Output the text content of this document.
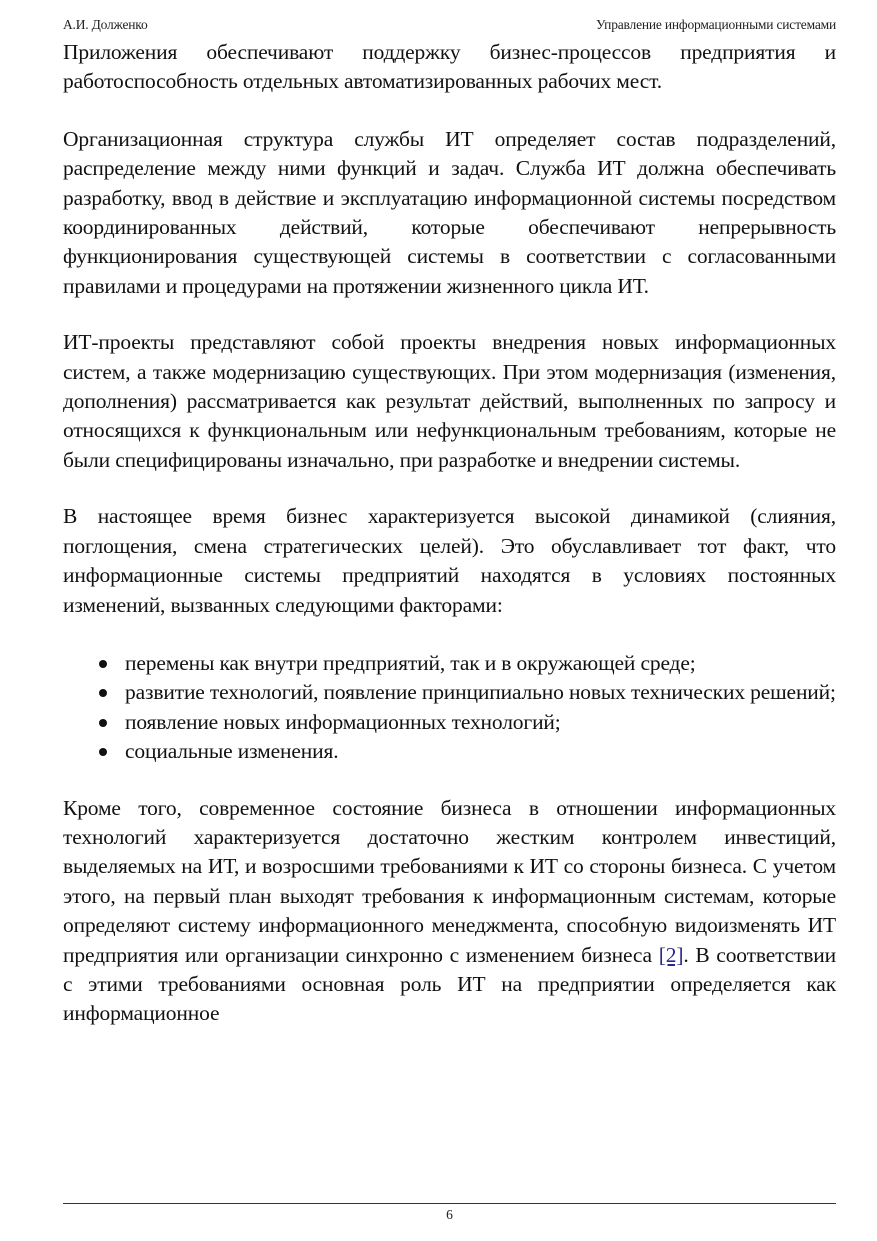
А.И. Долженко	Управление информационными системами

Приложения обеспечивают поддержку бизнес-процессов предприятия и работоспособность отдельных автоматизированных рабочих мест.

Организационная структура службы ИТ определяет состав подразделений, распределение между ними функций и задач. Служба ИТ должна обеспечивать разработку, ввод в действие и эксплуатацию информационной системы посредством координированных действий, которые обеспечивают непрерывность функционирования существующей системы в соответствии с согласованными правилами и процедурами на протяжении жизненного цикла ИТ.

ИТ-проекты представляют собой проекты внедрения новых информационных систем, а также модернизацию существующих. При этом модернизация (изменения, дополнения) рассматривается как результат действий, выполненных по запросу и относящихся к функциональным или нефункциональным требованиям, которые не были специфицированы изначально, при разработке и внедрении системы.

В настоящее время бизнес характеризуется высокой динамикой (слияния, поглощения, смена стратегических целей). Это обуславливает тот факт, что информационные системы предприятий находятся в условиях постоянных изменений, вызванных следующими факторами:

перемены как внутри предприятий, так и в окружающей среде;
развитие технологий, появление принципиально новых технических решений;
появление новых информационных технологий;
социальные изменения.

Кроме того, современное состояние бизнеса в отношении информационных технологий характеризуется достаточно жестким контролем инвестиций, выделяемых на ИТ, и возросшими требованиями к ИТ со стороны бизнеса. С учетом этого, на первый план выходят требования к информационным системам, которые определяют систему информационного менеджмента, способную видоизменять ИТ предприятия или организации синхронно с изменением бизнеса [2]. В соответствии с этими требованиями основная роль ИТ на предприятии определяется как информационное

6
